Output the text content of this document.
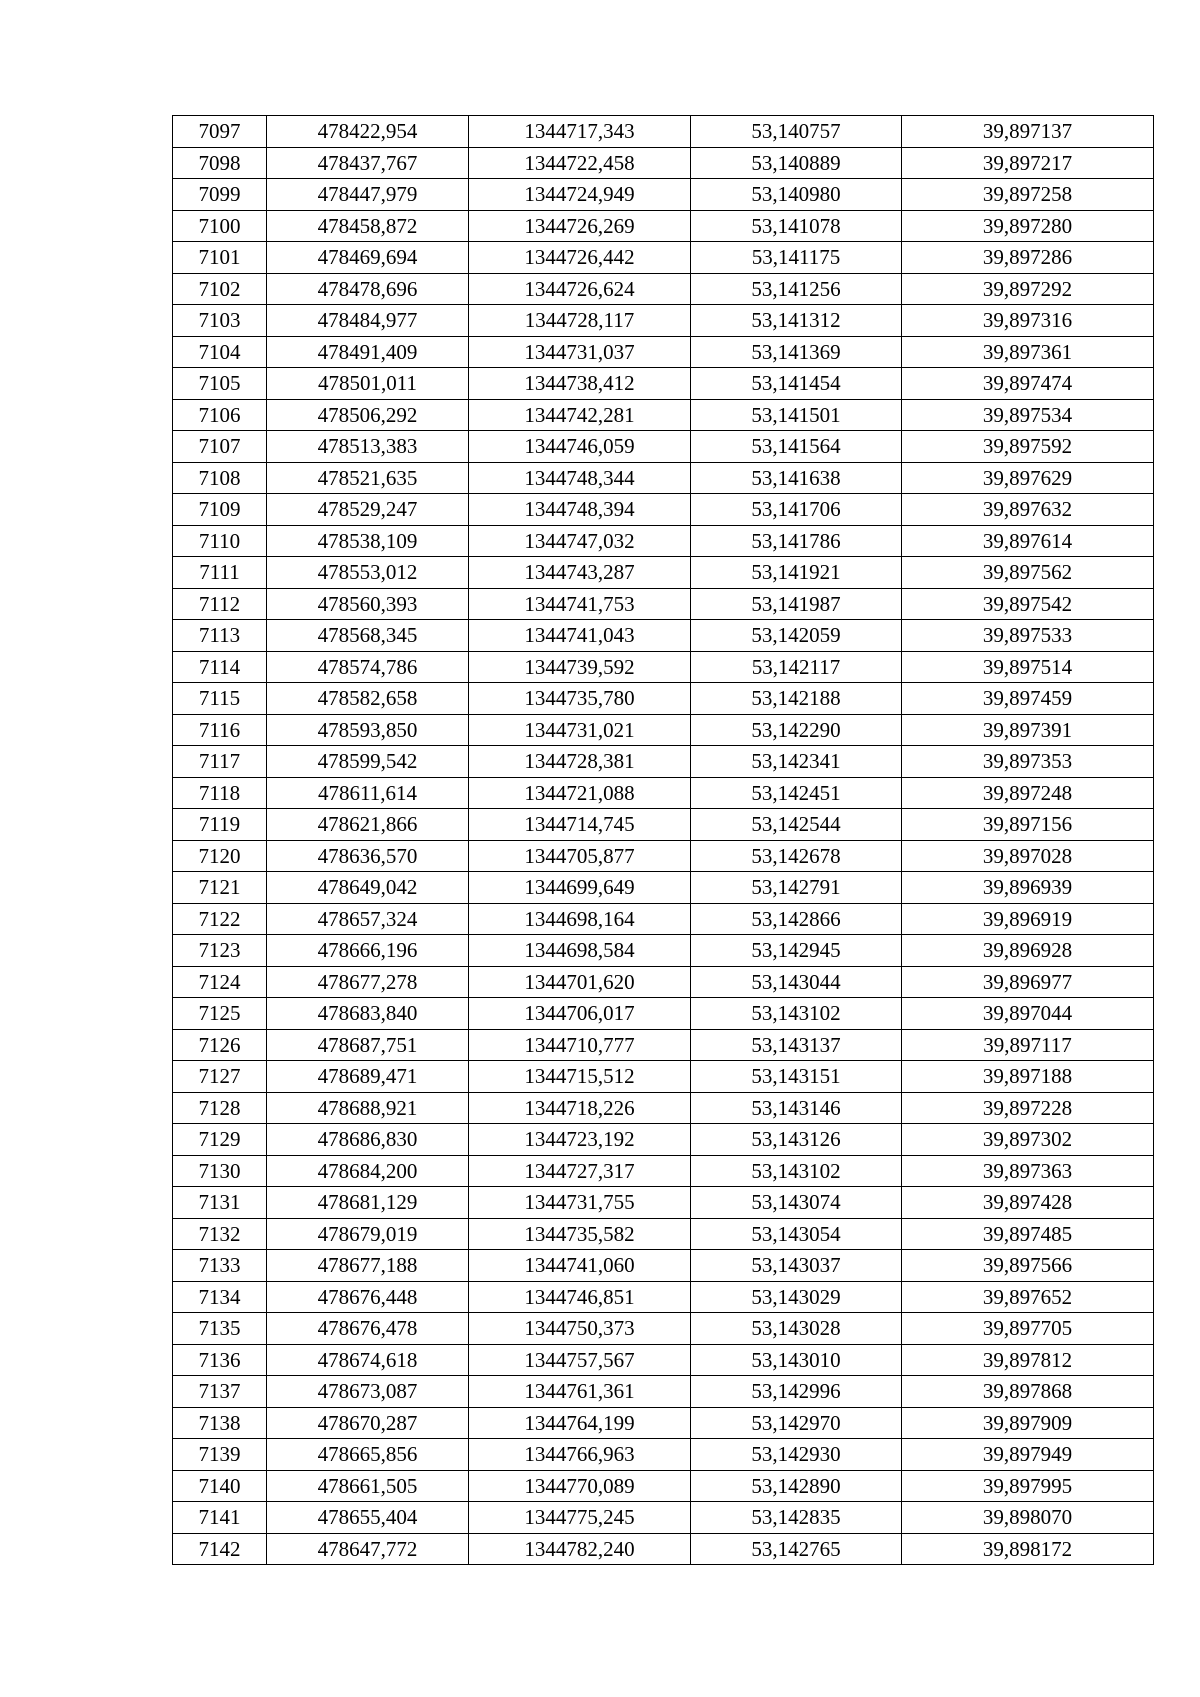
7097	478422,954	1344717,343	53,140757	39,897137
7098	478437,767	1344722,458	53,140889	39,897217
7099	478447,979	1344724,949	53,140980	39,897258
7100	478458,872	1344726,269	53,141078	39,897280
7101	478469,694	1344726,442	53,141175	39,897286
7102	478478,696	1344726,624	53,141256	39,897292
7103	478484,977	1344728,117	53,141312	39,897316
7104	478491,409	1344731,037	53,141369	39,897361
7105	478501,011	1344738,412	53,141454	39,897474
7106	478506,292	1344742,281	53,141501	39,897534
7107	478513,383	1344746,059	53,141564	39,897592
7108	478521,635	1344748,344	53,141638	39,897629
7109	478529,247	1344748,394	53,141706	39,897632
7110	478538,109	1344747,032	53,141786	39,897614
7111	478553,012	1344743,287	53,141921	39,897562
7112	478560,393	1344741,753	53,141987	39,897542
7113	478568,345	1344741,043	53,142059	39,897533
7114	478574,786	1344739,592	53,142117	39,897514
7115	478582,658	1344735,780	53,142188	39,897459
7116	478593,850	1344731,021	53,142290	39,897391
7117	478599,542	1344728,381	53,142341	39,897353
7118	478611,614	1344721,088	53,142451	39,897248
7119	478621,866	1344714,745	53,142544	39,897156
7120	478636,570	1344705,877	53,142678	39,897028
7121	478649,042	1344699,649	53,142791	39,896939
7122	478657,324	1344698,164	53,142866	39,896919
7123	478666,196	1344698,584	53,142945	39,896928
7124	478677,278	1344701,620	53,143044	39,896977
7125	478683,840	1344706,017	53,143102	39,897044
7126	478687,751	1344710,777	53,143137	39,897117
7127	478689,471	1344715,512	53,143151	39,897188
7128	478688,921	1344718,226	53,143146	39,897228
7129	478686,830	1344723,192	53,143126	39,897302
7130	478684,200	1344727,317	53,143102	39,897363
7131	478681,129	1344731,755	53,143074	39,897428
7132	478679,019	1344735,582	53,143054	39,897485
7133	478677,188	1344741,060	53,143037	39,897566
7134	478676,448	1344746,851	53,143029	39,897652
7135	478676,478	1344750,373	53,143028	39,897705
7136	478674,618	1344757,567	53,143010	39,897812
7137	478673,087	1344761,361	53,142996	39,897868
7138	478670,287	1344764,199	53,142970	39,897909
7139	478665,856	1344766,963	53,142930	39,897949
7140	478661,505	1344770,089	53,142890	39,897995
7141	478655,404	1344775,245	53,142835	39,898070
7142	478647,772	1344782,240	53,142765	39,898172
